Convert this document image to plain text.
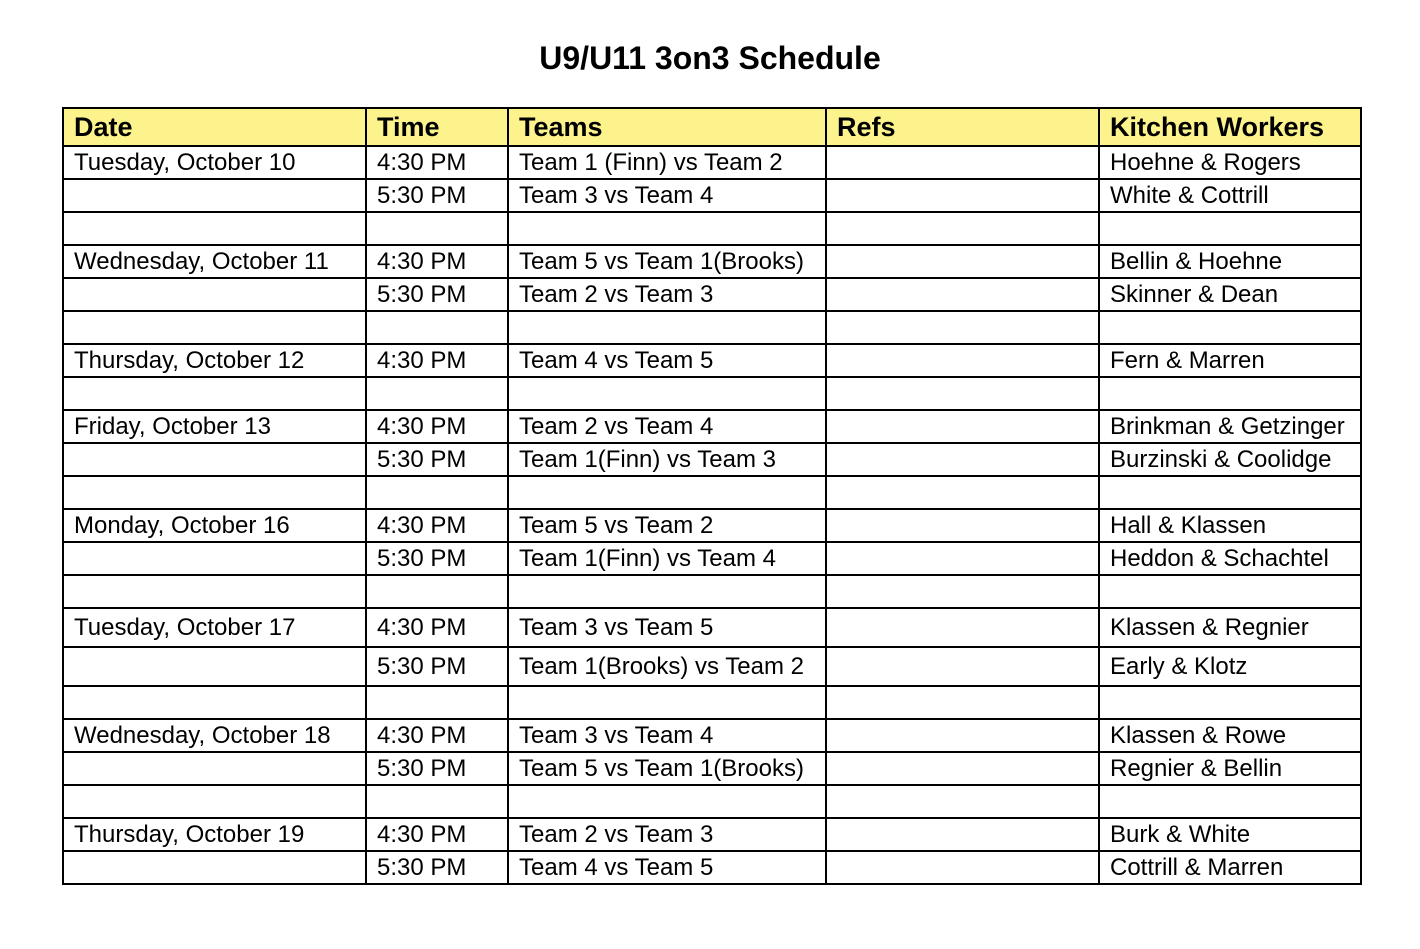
U9/U11 3on3 Schedule
Date	Time	Teams	Refs	Kitchen Workers
Tuesday, October 10	4:30 PM	Team 1 (Finn) vs Team 2		Hoehne & Rogers
	5:30 PM	Team 3 vs Team 4		White & Cottrill

Wednesday, October 11	4:30 PM	Team 5 vs Team 1(Brooks)		Bellin & Hoehne
	5:30 PM	Team 2 vs Team 3		Skinner & Dean

Thursday, October 12	4:30 PM	Team 4 vs Team 5		Fern & Marren

Friday, October 13	4:30 PM	Team 2 vs Team 4		Brinkman & Getzinger
	5:30 PM	Team 1(Finn) vs Team 3		Burzinski & Coolidge

Monday, October 16	4:30 PM	Team 5 vs Team 2		Hall & Klassen
	5:30 PM	Team 1(Finn) vs Team 4		Heddon & Schachtel

Tuesday, October 17	4:30 PM	Team 3 vs Team 5		Klassen & Regnier
	5:30 PM	Team 1(Brooks) vs Team 2		Early & Klotz

Wednesday, October 18	4:30 PM	Team 3 vs Team 4		Klassen & Rowe
	5:30 PM	Team 5 vs Team 1(Brooks)		Regnier & Bellin

Thursday, October 19	4:30 PM	Team 2 vs Team 3		Burk & White
	5:30 PM	Team 4 vs Team 5		Cottrill & Marren
